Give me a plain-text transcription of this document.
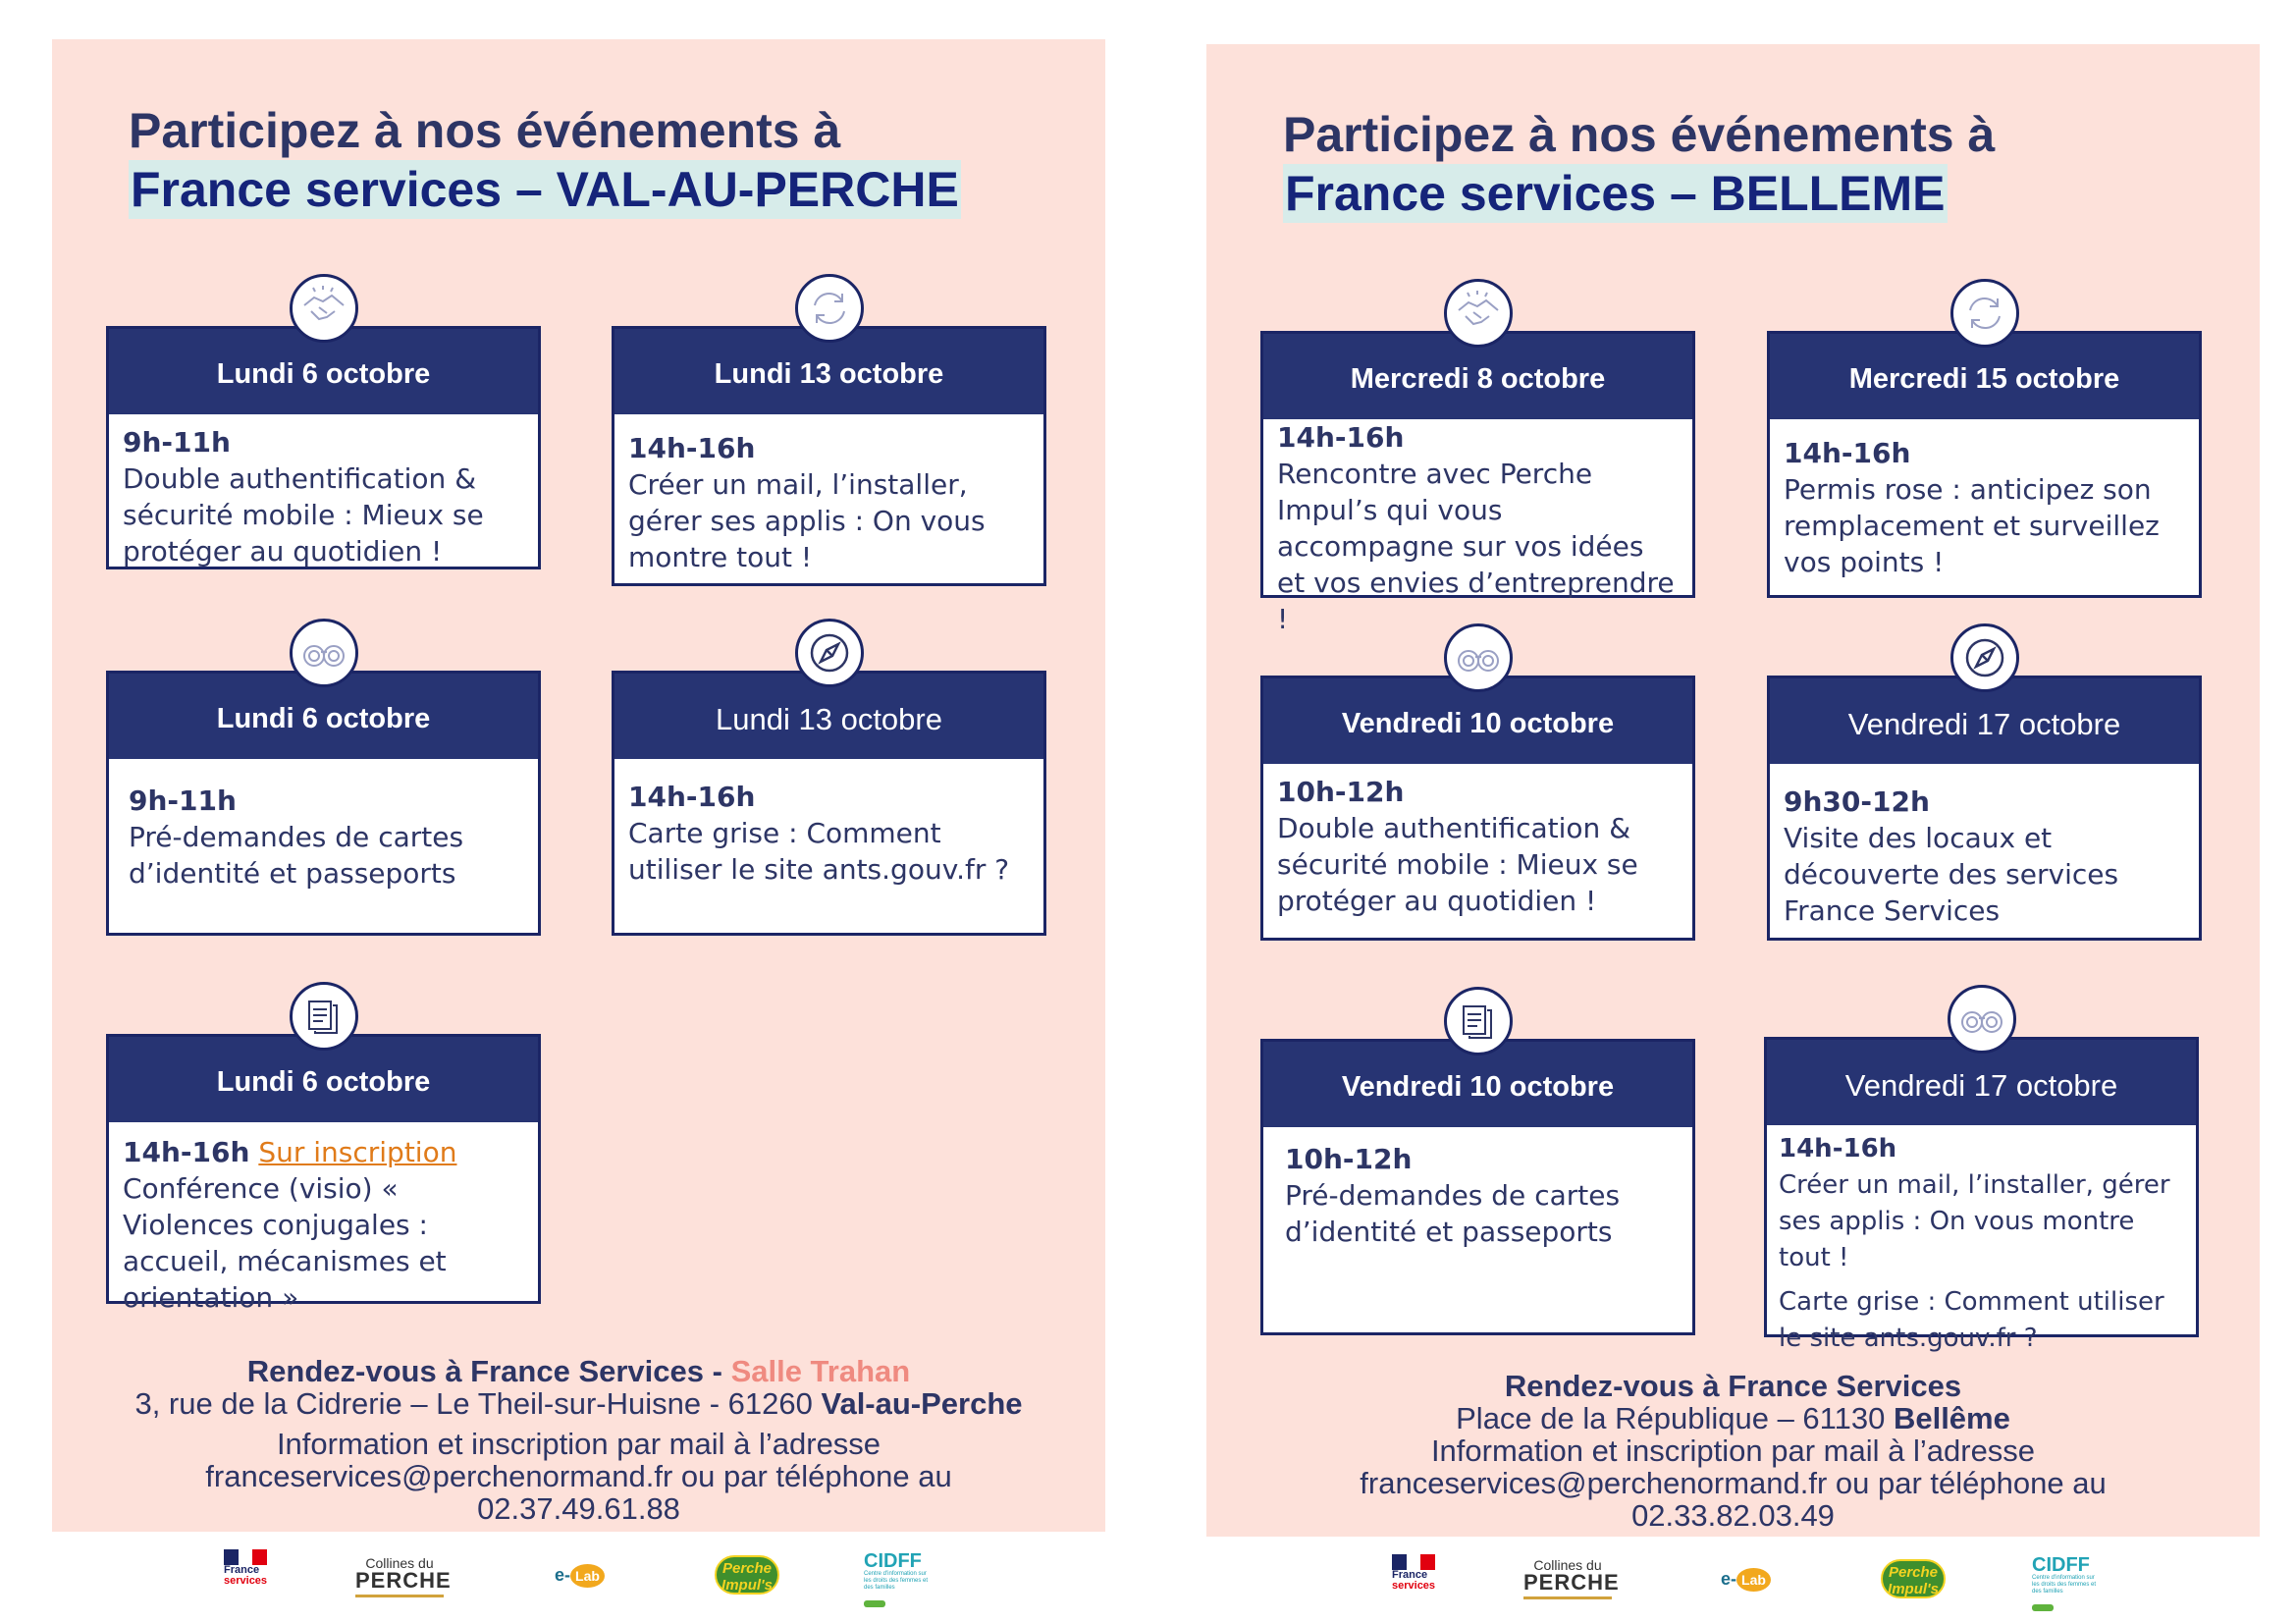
Participez à nos événements à
France services – VAL-AU-PERCHE
Lundi 6 octobre
9h-11h

Double authentification & sécurité mobile : Mieux se protéger au quotidien !

Lundi 13 octobre
14h-16h

Créer un mail, l’installer, gérer ses applis : On vous montre tout !

Lundi 6 octobre
9h-11h

Pré-demandes de cartes d’identité et passeports

Lundi 13 octobre
14h-16h

Carte grise : Comment utiliser le site ants.gouv.fr ?

Lundi 6 octobre
14h-16h Sur inscription

Conférence (visio) « Violences conjugales : accueil, mécanismes et orientation »

Rendez-vous à France Services - Salle Trahan
3, rue de la Cidrerie – Le Theil-sur-Huisne - 61260 Val-au-Perche
Information et inscription par mail à l’adresse
franceservices@perchenormand.fr ou par téléphone au
02.37.49.61.88
Participez à nos événements à
France services – BELLEME
Mercredi 8 octobre
14h-16h

Rencontre avec Perche Impul’s qui vous accompagne sur vos idées et vos envies d’entreprendre !

Mercredi 15 octobre
14h-16h

Permis rose : anticipez son remplacement et surveillez vos points !

Vendredi 10 octobre
10h-12h

Double authentification & sécurité mobile : Mieux se protéger au quotidien !

Vendredi 17 octobre
9h30-12h

Visite des locaux et découverte des services France Services

Vendredi 10 octobre
10h-12h

Pré-demandes de cartes d’identité et passeports

Vendredi 17 octobre
14h-16h

Créer un mail, l’installer, gérer ses applis : On vous montre tout !

Carte grise : Comment utiliser le site ants.gouv.fr ?

Rendez-vous à France Services
Place de la République – 61130 Bellême
Information et inscription par mail à l’adresse
franceservices@perchenormand.fr ou par téléphone au
02.33.82.03.49
France
services
Collines du
PERCHE	e- Lab	Perche
Impul's
CIDFF
Centre d'information sur les droits des femmes et des familles
France
services
Collines du
PERCHE	e- Lab	Perche
Impul's
CIDFF
Centre d'information sur les droits des femmes et des familles
